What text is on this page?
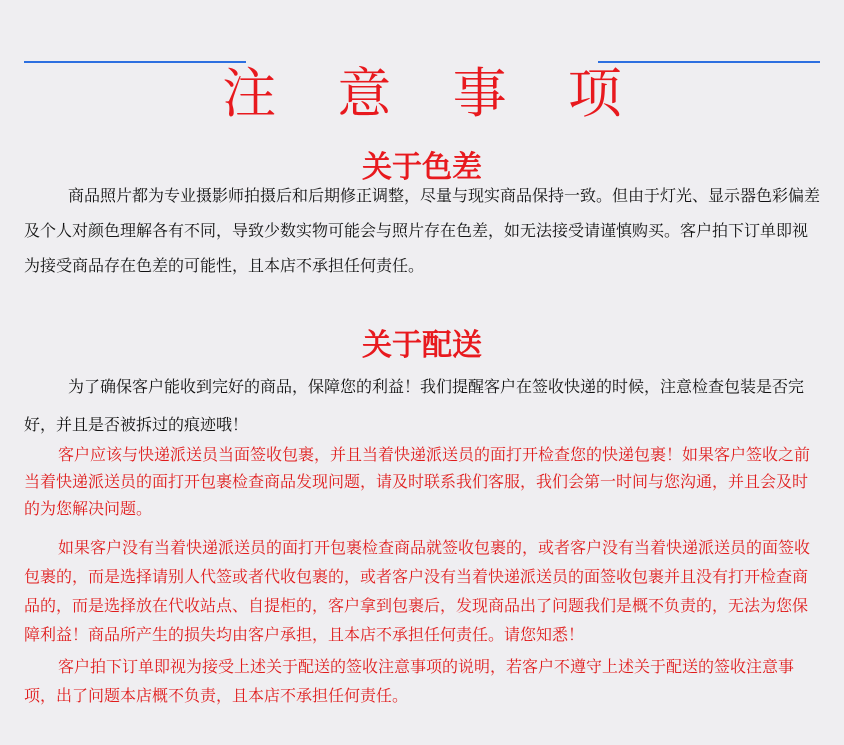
注 意 事 项
关于色差

商品照片都为专业摄影师拍摄后和后期修正调整，尽量与现实商品保持一致。但由于灯光、显示器色彩偏差及个人对颜色理解各有不同，导致少数实物可能会与照片存在色差，如无法接受请谨慎购买。客户拍下订单即视为接受商品存在色差的可能性，且本店不承担任何责任。

关于配送

为了确保客户能收到完好的商品，保障您的利益！我们提醒客户在签收快递的时候，注意检查包装是否完好，并且是否被拆过的痕迹哦！

客户应该与快递派送员当面签收包裹，并且当着快递派送员的面打开检查您的快递包裹！如果客户签收之前当着快递派送员的面打开包裹检查商品发现问题，请及时联系我们客服，我们会第一时间与您沟通，并且会及时的为您解决问题。

如果客户没有当着快递派送员的面打开包裹检查商品就签收包裹的，或者客户没有当着快递派送员的面签收包裹的，而是选择请别人代签或者代收包裹的，或者客户没有当着快递派送员的面签收包裹并且没有打开检查商品的，而是选择放在代收站点、自提柜的，客户拿到包裹后，发现商品出了问题我们是概不负责的，无法为您保障利益！商品所产生的损失均由客户承担，且本店不承担任何责任。请您知悉！

客户拍下订单即视为接受上述关于配送的签收注意事项的说明，若客户不遵守上述关于配送的签收注意事项，出了问题本店概不负责，且本店不承担任何责任。
